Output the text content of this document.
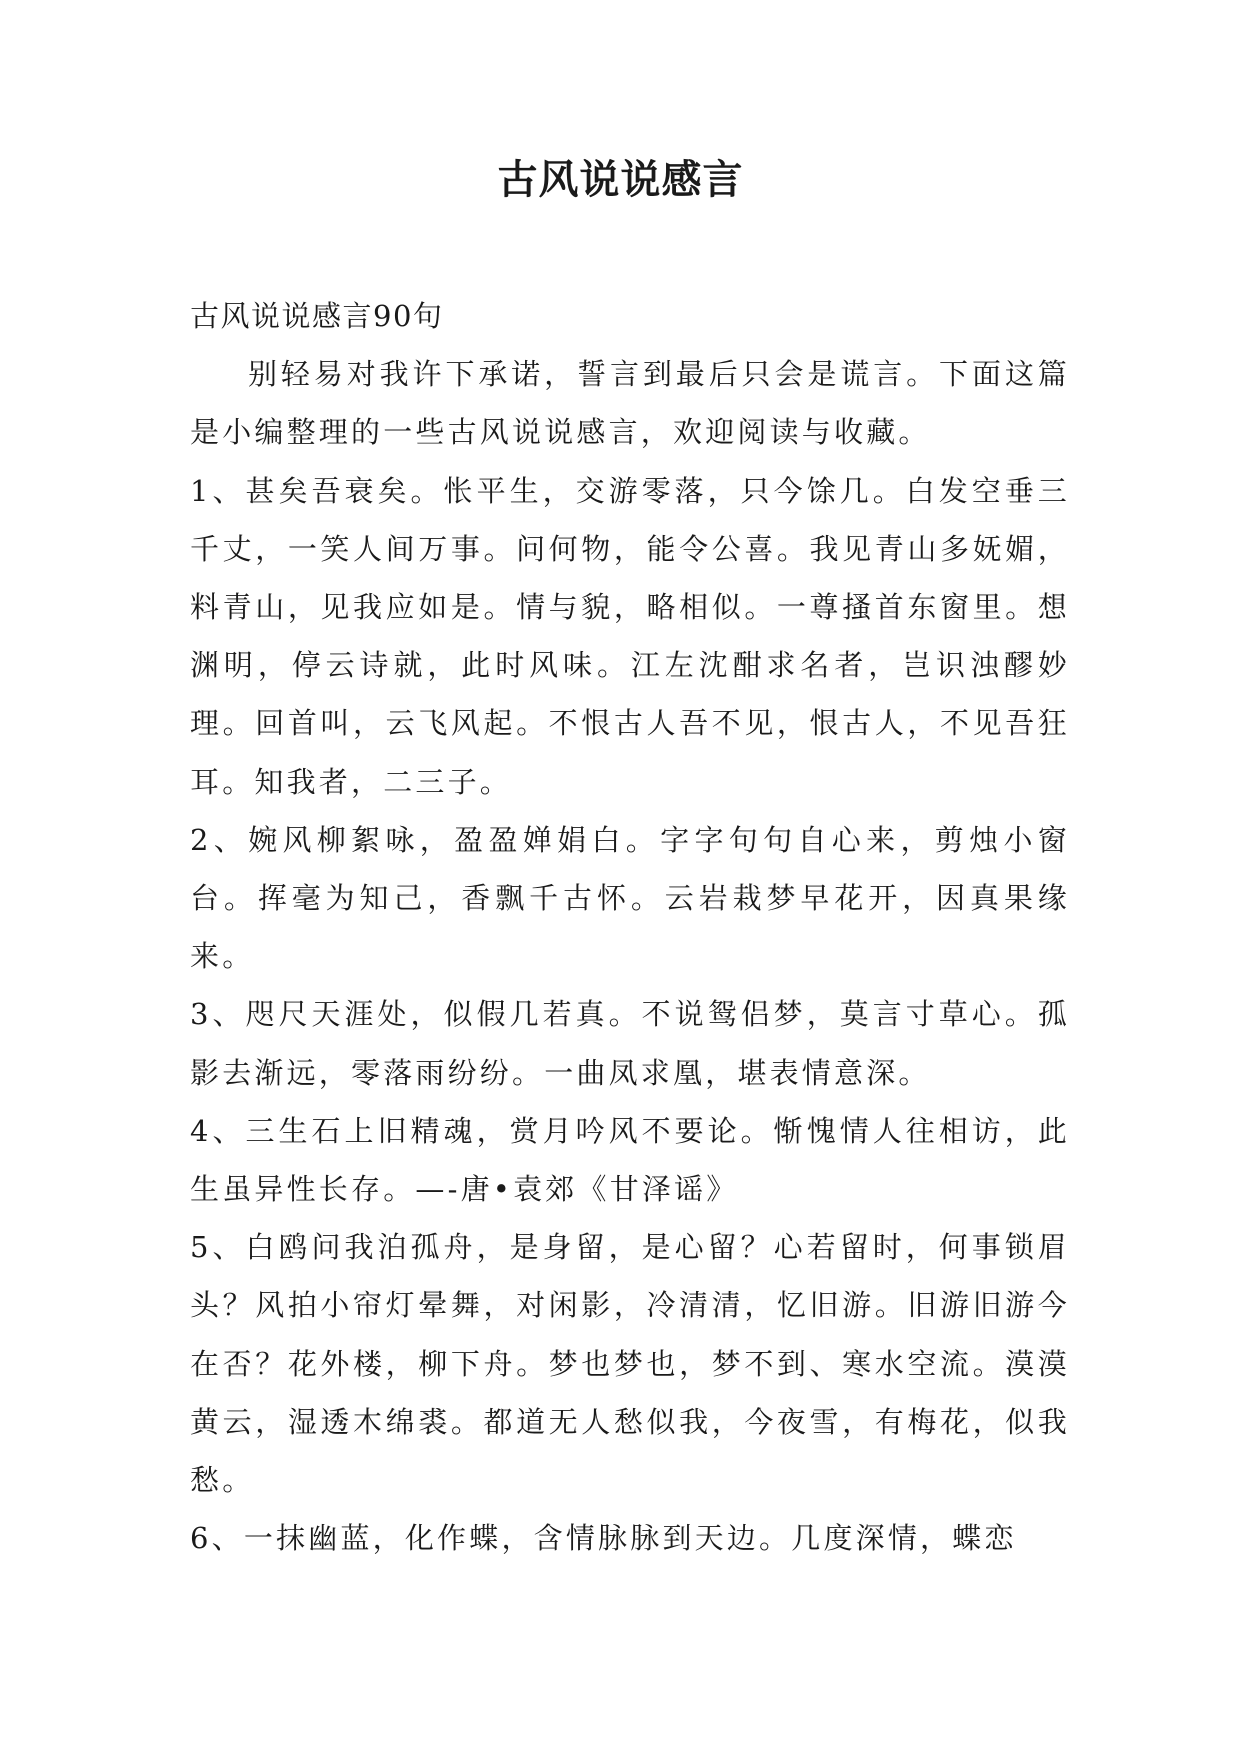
古风说说感言

古风说说感言90句

别轻易对我许下承诺，誓言到最后只会是谎言。下面这篇是小编整理的一些古风说说感言，欢迎阅读与收藏。

1、甚矣吾衰矣。怅平生，交游零落，只今馀几。白发空垂三千丈，一笑人间万事。问何物，能令公喜。我见青山多妩媚，料青山，见我应如是。情与貌，略相似。一尊搔首东窗里。想渊明，停云诗就，此时风味。江左沈酣求名者，岂识浊醪妙理。回首叫，云飞风起。不恨古人吾不见，恨古人，不见吾狂耳。知我者，二三子。

2、婉风柳絮咏，盈盈婵娟白。字字句句自心来，剪烛小窗台。挥毫为知己，香飘千古怀。云岩栽梦早花开，因真果缘来。

3、咫尺天涯处，似假几若真。不说鸳侣梦，莫言寸草心。孤影去渐远，零落雨纷纷。一曲凤求凰，堪表情意深。

4、三生石上旧精魂，赏月吟风不要论。惭愧情人往相访，此生虽异性长存。—-唐•袁郊《甘泽谣》

5、白鸥问我泊孤舟，是身留，是心留？心若留时，何事锁眉头？风拍小帘灯晕舞，对闲影，冷清清，忆旧游。旧游旧游今在否？花外楼，柳下舟。梦也梦也，梦不到、寒水空流。漠漠黄云，湿透木绵裘。都道无人愁似我，今夜雪，有梅花，似我愁。

6、一抹幽蓝，化作蝶，含情脉脉到天边。几度深情，蝶恋
